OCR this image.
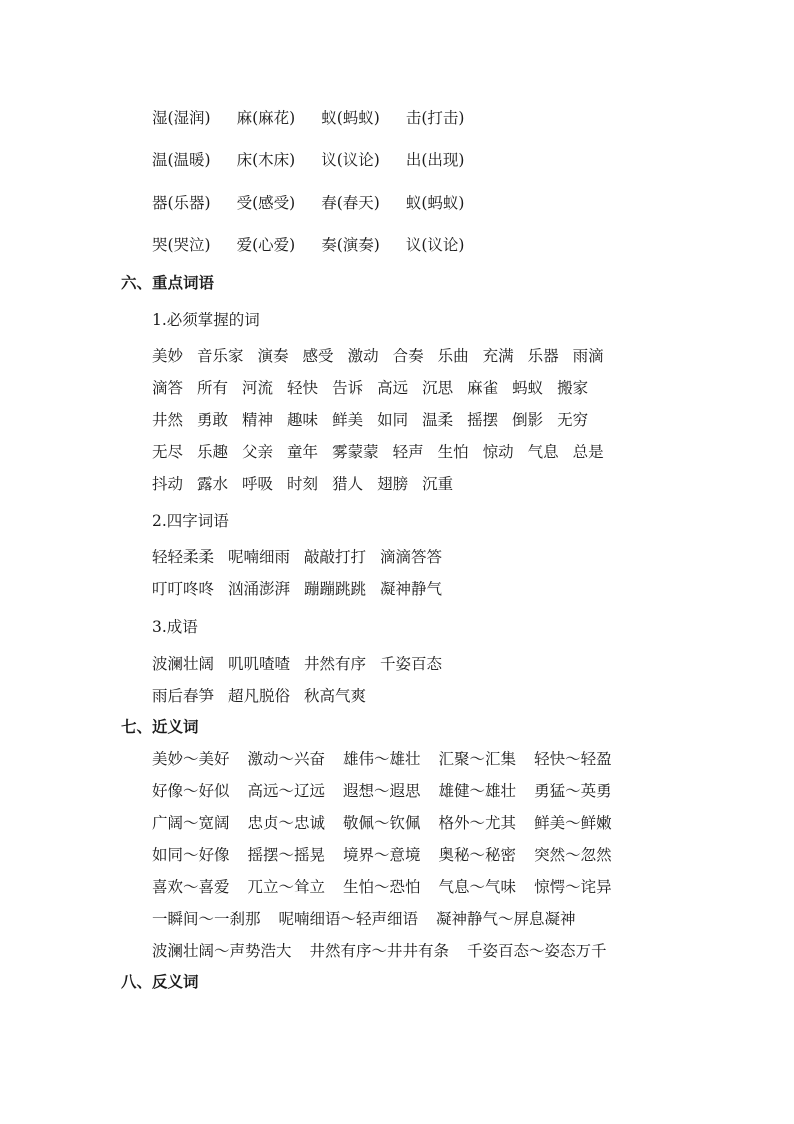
湿(湿润) 麻(麻花) 蚁(蚂蚁) 击(打击)
温(温暖) 床(木床) 议(议论) 出(出现)
器(乐器) 受(感受) 春(春天) 蚁(蚂蚁)
哭(哭泣) 爱(心爱) 奏(演奏) 议(议论)
六、重点词语
1.必须掌握的词
美妙 音乐家 演奏 感受 激动 合奏 乐曲 充满 乐器 雨滴
滴答 所有 河流 轻快 告诉 高远 沉思 麻雀 蚂蚁 搬家
井然 勇敢 精神 趣味 鲜美 如同 温柔 摇摆 倒影 无穷
无尽 乐趣 父亲 童年 雾蒙蒙 轻声 生怕 惊动 气息 总是
抖动 露水 呼吸 时刻 猎人 翅膀 沉重
2.四字词语
轻轻柔柔 呢喃细雨 敲敲打打 滴滴答答
叮叮咚咚 汹涌澎湃 蹦蹦跳跳 凝神静气
3.成语
波澜壮阔 叽叽喳喳 井然有序 千姿百态
雨后春笋 超凡脱俗 秋高气爽
七、近义词
美妙～美好 激动～兴奋 雄伟～雄壮 汇聚～汇集 轻快～轻盈
好像～好似 高远～辽远 遐想～遐思 雄健～雄壮 勇猛～英勇
广阔～宽阔 忠贞～忠诚 敬佩～钦佩 格外～尤其 鲜美～鲜嫩
如同～好像 摇摆～摇晃 境界～意境 奥秘～秘密 突然～忽然
喜欢～喜爱 兀立～耸立 生怕～恐怕 气息～气味 惊愕～诧异
一瞬间～一刹那 呢喃细语～轻声细语 凝神静气～屏息凝神
波澜壮阔～声势浩大 井然有序～井井有条 千姿百态～姿态万千
八、反义词
